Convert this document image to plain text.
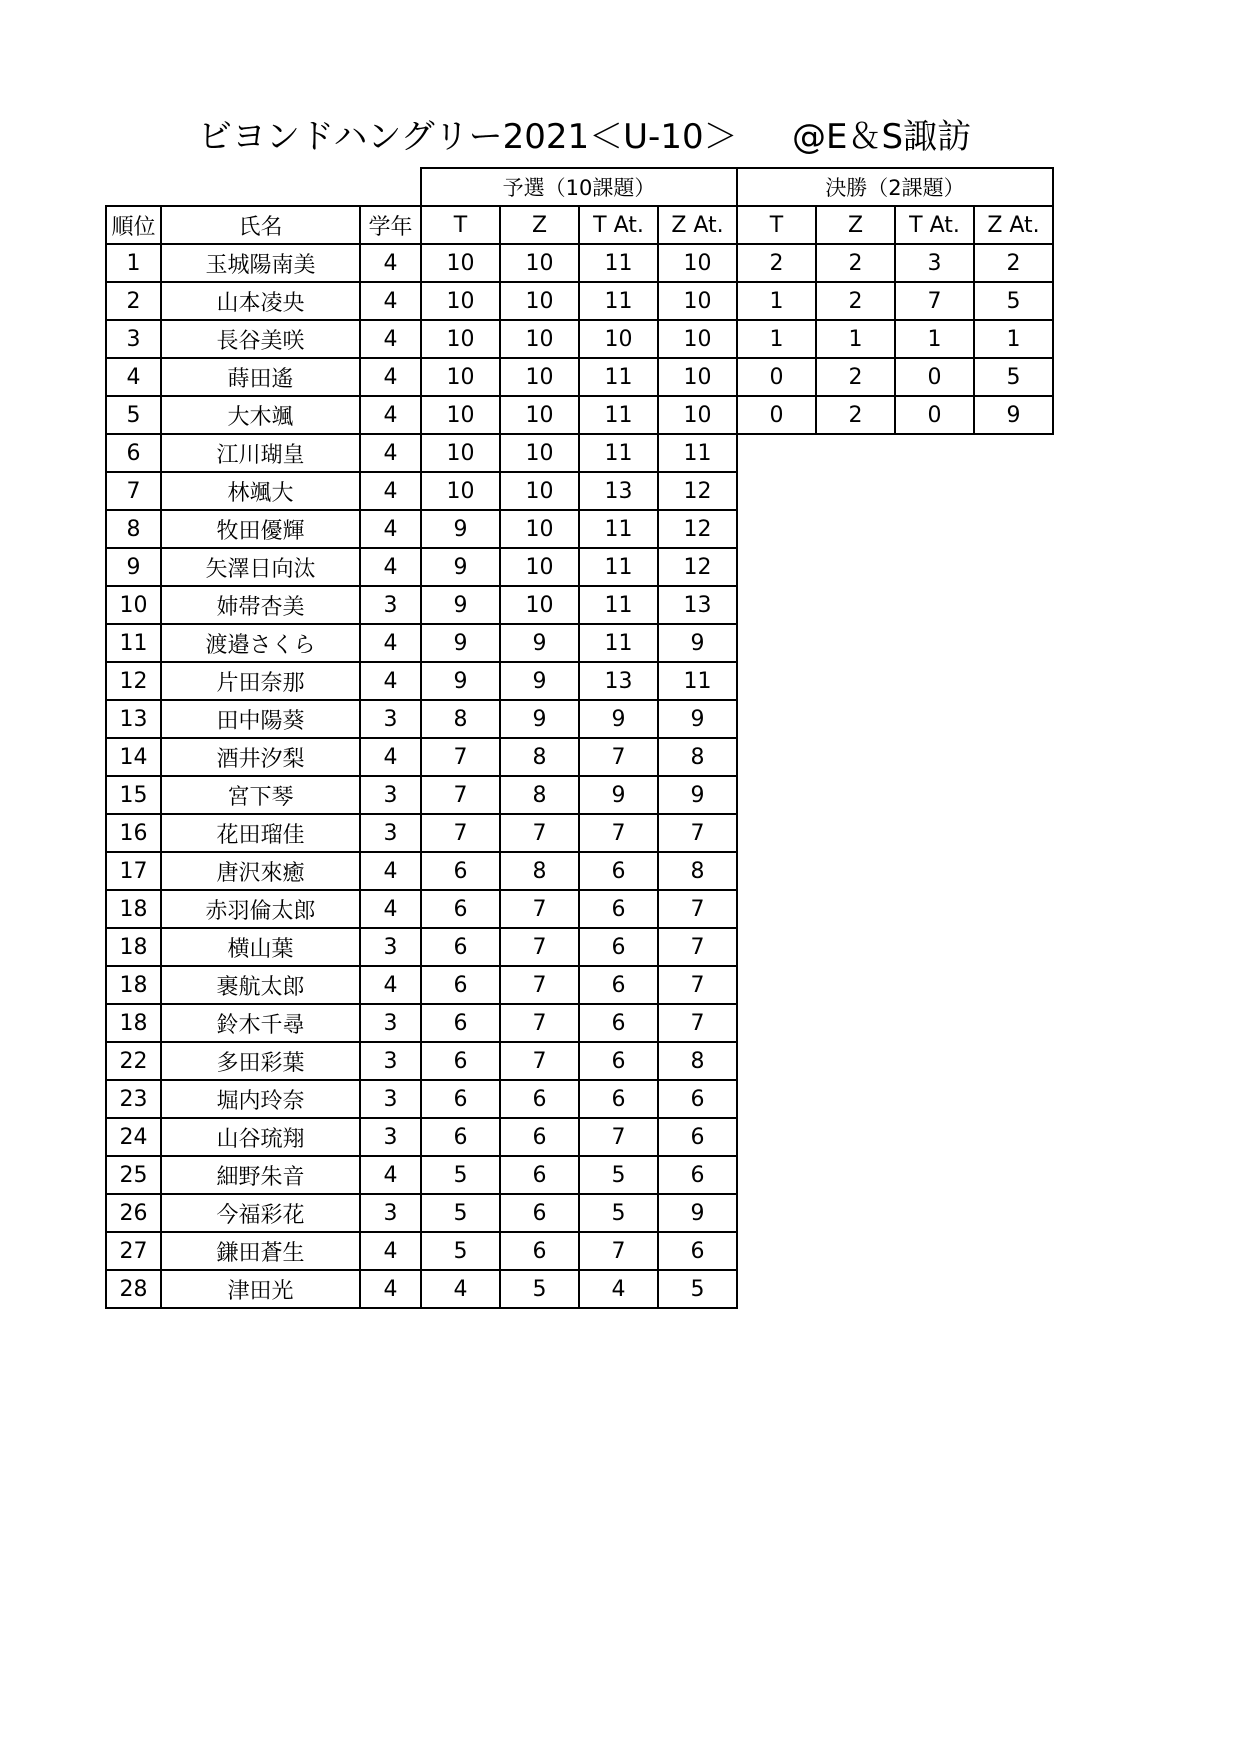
ビヨンドハングリー2021＜U-10＞ @E＆S諏訪
			予選（10課題）				決勝（2課題）			
順位	氏名	学年	T	Z	T At.	Z At.	T	Z	T At.	Z At.
1	玉城陽南美	4	10	10	11	10	2	2	3	2
2	山本凌央	4	10	10	11	10	1	2	7	5
3	長谷美咲	4	10	10	10	10	1	1	1	1
4	蒔田遙	4	10	10	11	10	0	2	0	5
5	大木颯	4	10	10	11	10	0	2	0	9
6	江川瑚皇	4	10	10	11	11				
7	林颯大	4	10	10	13	12				
8	牧田優輝	4	9	10	11	12				
9	矢澤日向汰	4	9	10	11	12				
10	姉帯杏美	3	9	10	11	13				
11	渡邉さくら	4	9	9	11	9				
12	片田奈那	4	9	9	13	11				
13	田中陽葵	3	8	9	9	9				
14	酒井汐梨	4	7	8	7	8				
15	宮下琴	3	7	8	9	9				
16	花田瑠佳	3	7	7	7	7				
17	唐沢來癒	4	6	8	6	8				
18	赤羽倫太郎	4	6	7	6	7				
18	横山葉	3	6	7	6	7				
18	裹航太郎	4	6	7	6	7				
18	鈴木千尋	3	6	7	6	7				
22	多田彩葉	3	6	7	6	8				
23	堀内玲奈	3	6	6	6	6				
24	山谷琉翔	3	6	6	7	6				
25	細野朱音	4	5	6	5	6				
26	今福彩花	3	5	6	5	9				
27	鎌田蒼生	4	5	6	7	6				
28	津田光	4	4	5	4	5				
